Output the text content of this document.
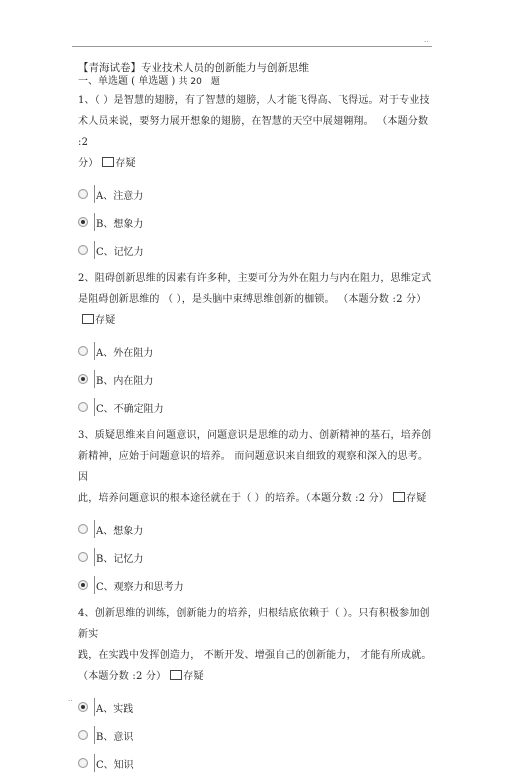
..
【青海试卷】专业技术人员的创新能力与创新思维
一、单选题 ( 单选题 ) 共 20　题

1、（ ）是智慧的翅膀，有了智慧的翅膀，人才能飞得高、飞得远。对于专业技
术人员来说，要努力展开想象的翅膀，在智慧的天空中展翅翱翔。 （本题分数 :2
分） 存疑

A、注意力
B、想象力
C、记忆力

2、阻碍创新思维的因素有许多种，主要可分为外在阻力与内在阻力，思维定式
是阻碍创新思维的 （ ），是头脑中束缚思维创新的枷锁。 （本题分数 :2 分）存疑

A、外在阻力
B、内在阻力
C、不确定阻力

3、质疑思维来自问题意识，问题意识是思维的动力、创新精神的基石，培养创
新精神，应始于问题意识的培养。 而问题意识来自细致的观察和深入的思考。 因
此，培养问题意识的根本途径就在于（ ）的培养。（本题分数 :2 分） 存疑

A、想象力
B、记忆力
C、观察力和思考力

4、创新思维的训练，创新能力的培养，归根结底依赖于（ ）。只有积极参加创新实
践，在实践中发挥创造力， 不断开发、增强自己的创新能力， 才能有所成就。
（本题分数 :2 分） 存疑

A、实践
B、意识
C、知识
..
